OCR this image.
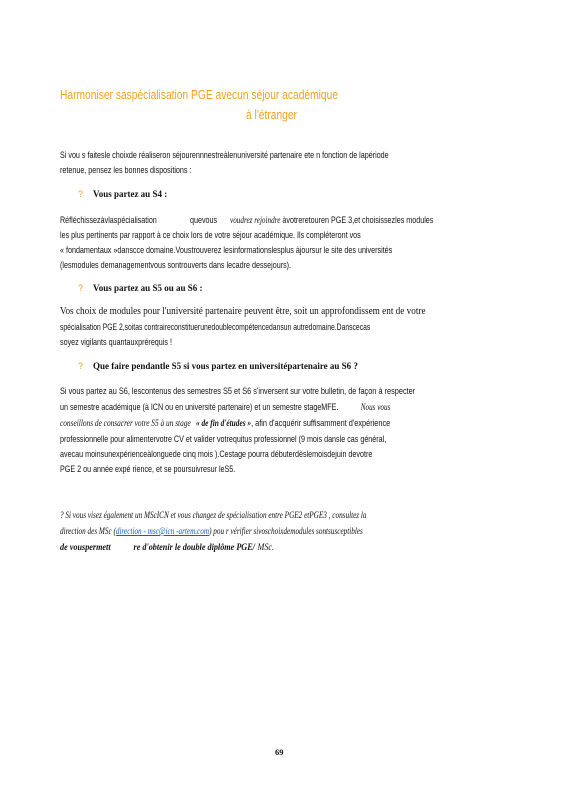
Harmoniser saspécialisation PGE avecun séjour académique
à l'étranger
Si vou s faitesle choixde réaliseron séjourennnestreàlenuniversité partenaire ete n fonction de lapériode
retenue, pensez les bonnes dispositions :
? Vous partez au S4 :
Réfléchissezàvlaspécialisation	quevous voudrez rejoindre àvotreretouren PGE 3,et choisissezles modules
les plus pertinents par rapport à ce choix lors de votre séjour académique. Ils compléteront vos
« fondamentaux »danscce domaine.Voustrouverez lesinformationslesplus àjoursur le site des universités
(lesmodules demanagementvous sontrouverts dans lecadre dessejours).
? Vous partez au S5 ou au S6 :
Vos choix de modules pour l'université partenaire peuvent être, soit un approfondissem ent de votre
spécialisation PGE 2,soitas contraireconstituerunedoublecompétencedansun autredomaine.Danscecas
soyez vigilants quantauxprérequis !
? Que faire pendantle S5 si vous partez en universitépartenaire au S6 ?
Si vous partez au S6, lescontenus des semestres S5 et S6 s'inversent sur votre bulletin, de façon à respecter
un semestre académique (à ICN ou en université partenaire) et un semestre stageMFE. Nous vous
conseillons de consacrer votre S5 à un stage « de fin d'études », afin d'acquérir suffisamment d'expérience
professionnelle pour alimentervotre CV et valider votrequitus professionnel (9 mois dansle cas général,
avecau moinsunexpérienceàlonguede cinq mois ).Cestage pourra débuterdèslemoisdejuin devotre
PGE 2 ou année expé rience, et se poursuivresur leS5.
? Si vous visez également un MScICN et vous changez de spécialisation entre PGE2 etPGE3 , consultez la
direction des MSc (direction - msc@icn -artem.com) pou r vérifier sivoschoixdemodules sontsusceptibles
de vouspermett re d'obtenir le double diplôme PGE/ MSc.
69
